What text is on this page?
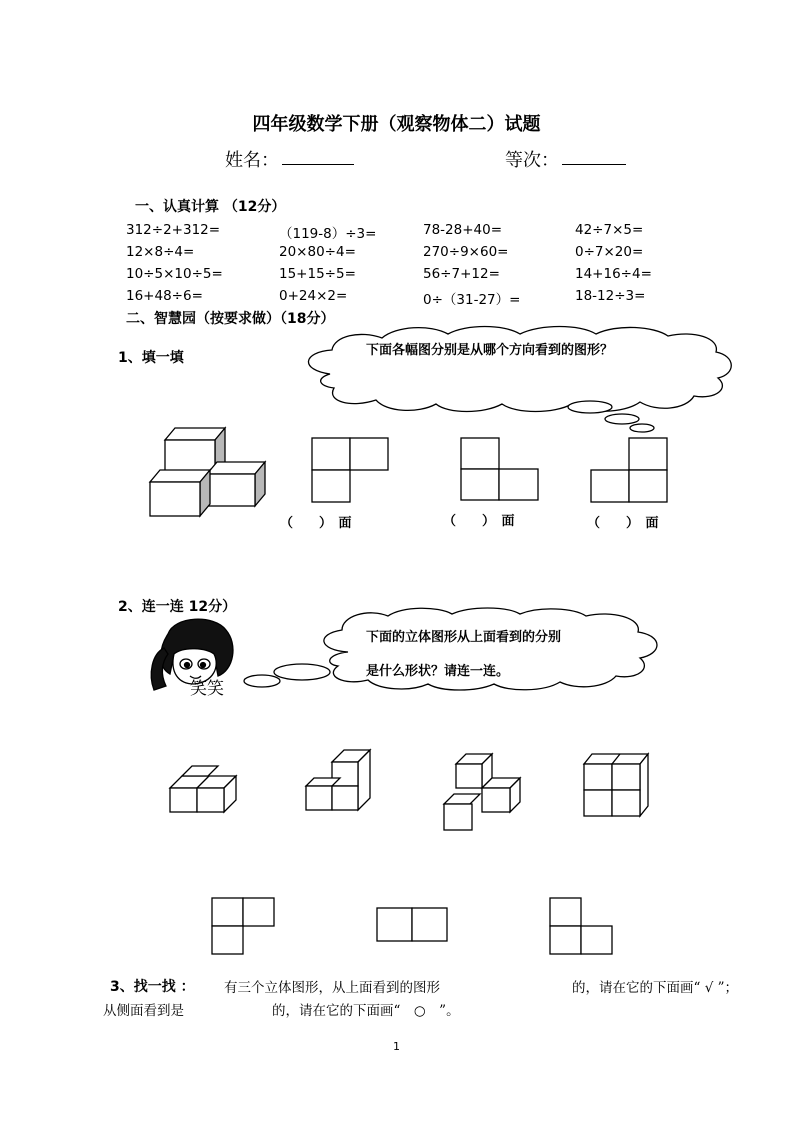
四年级数学下册（观察物体二）试题
姓名：	等次：
一、认真计算 （12分）
312÷2+312=	（119-8）÷3=	78-28+40=	42÷7×5=
12×8÷4=	20×80÷4=	270÷9×60=	0÷7×20=
10÷5×10÷5=	15+15÷5=	56÷7+12=	14+16÷4=
16+48÷6=	0+24×2=	0÷（31-27）=	18-12÷3=
二、智慧园（按要求做）（18分）
1、填一填	下面各幅图分别是从哪个方向看到的图形？
（　　）　 面	（　　）　 面	（　　）　 面
2、连一连 12分）
笑笑
下面的立体图形从上面看到的分别
是什么形状？请连一连。
3、找一找 ： 有三个立体图形，从上面看到的图形	的，请在它的下面画“ √ ”；
从侧面看到是	的，请在它的下面画“　○　”。
1
